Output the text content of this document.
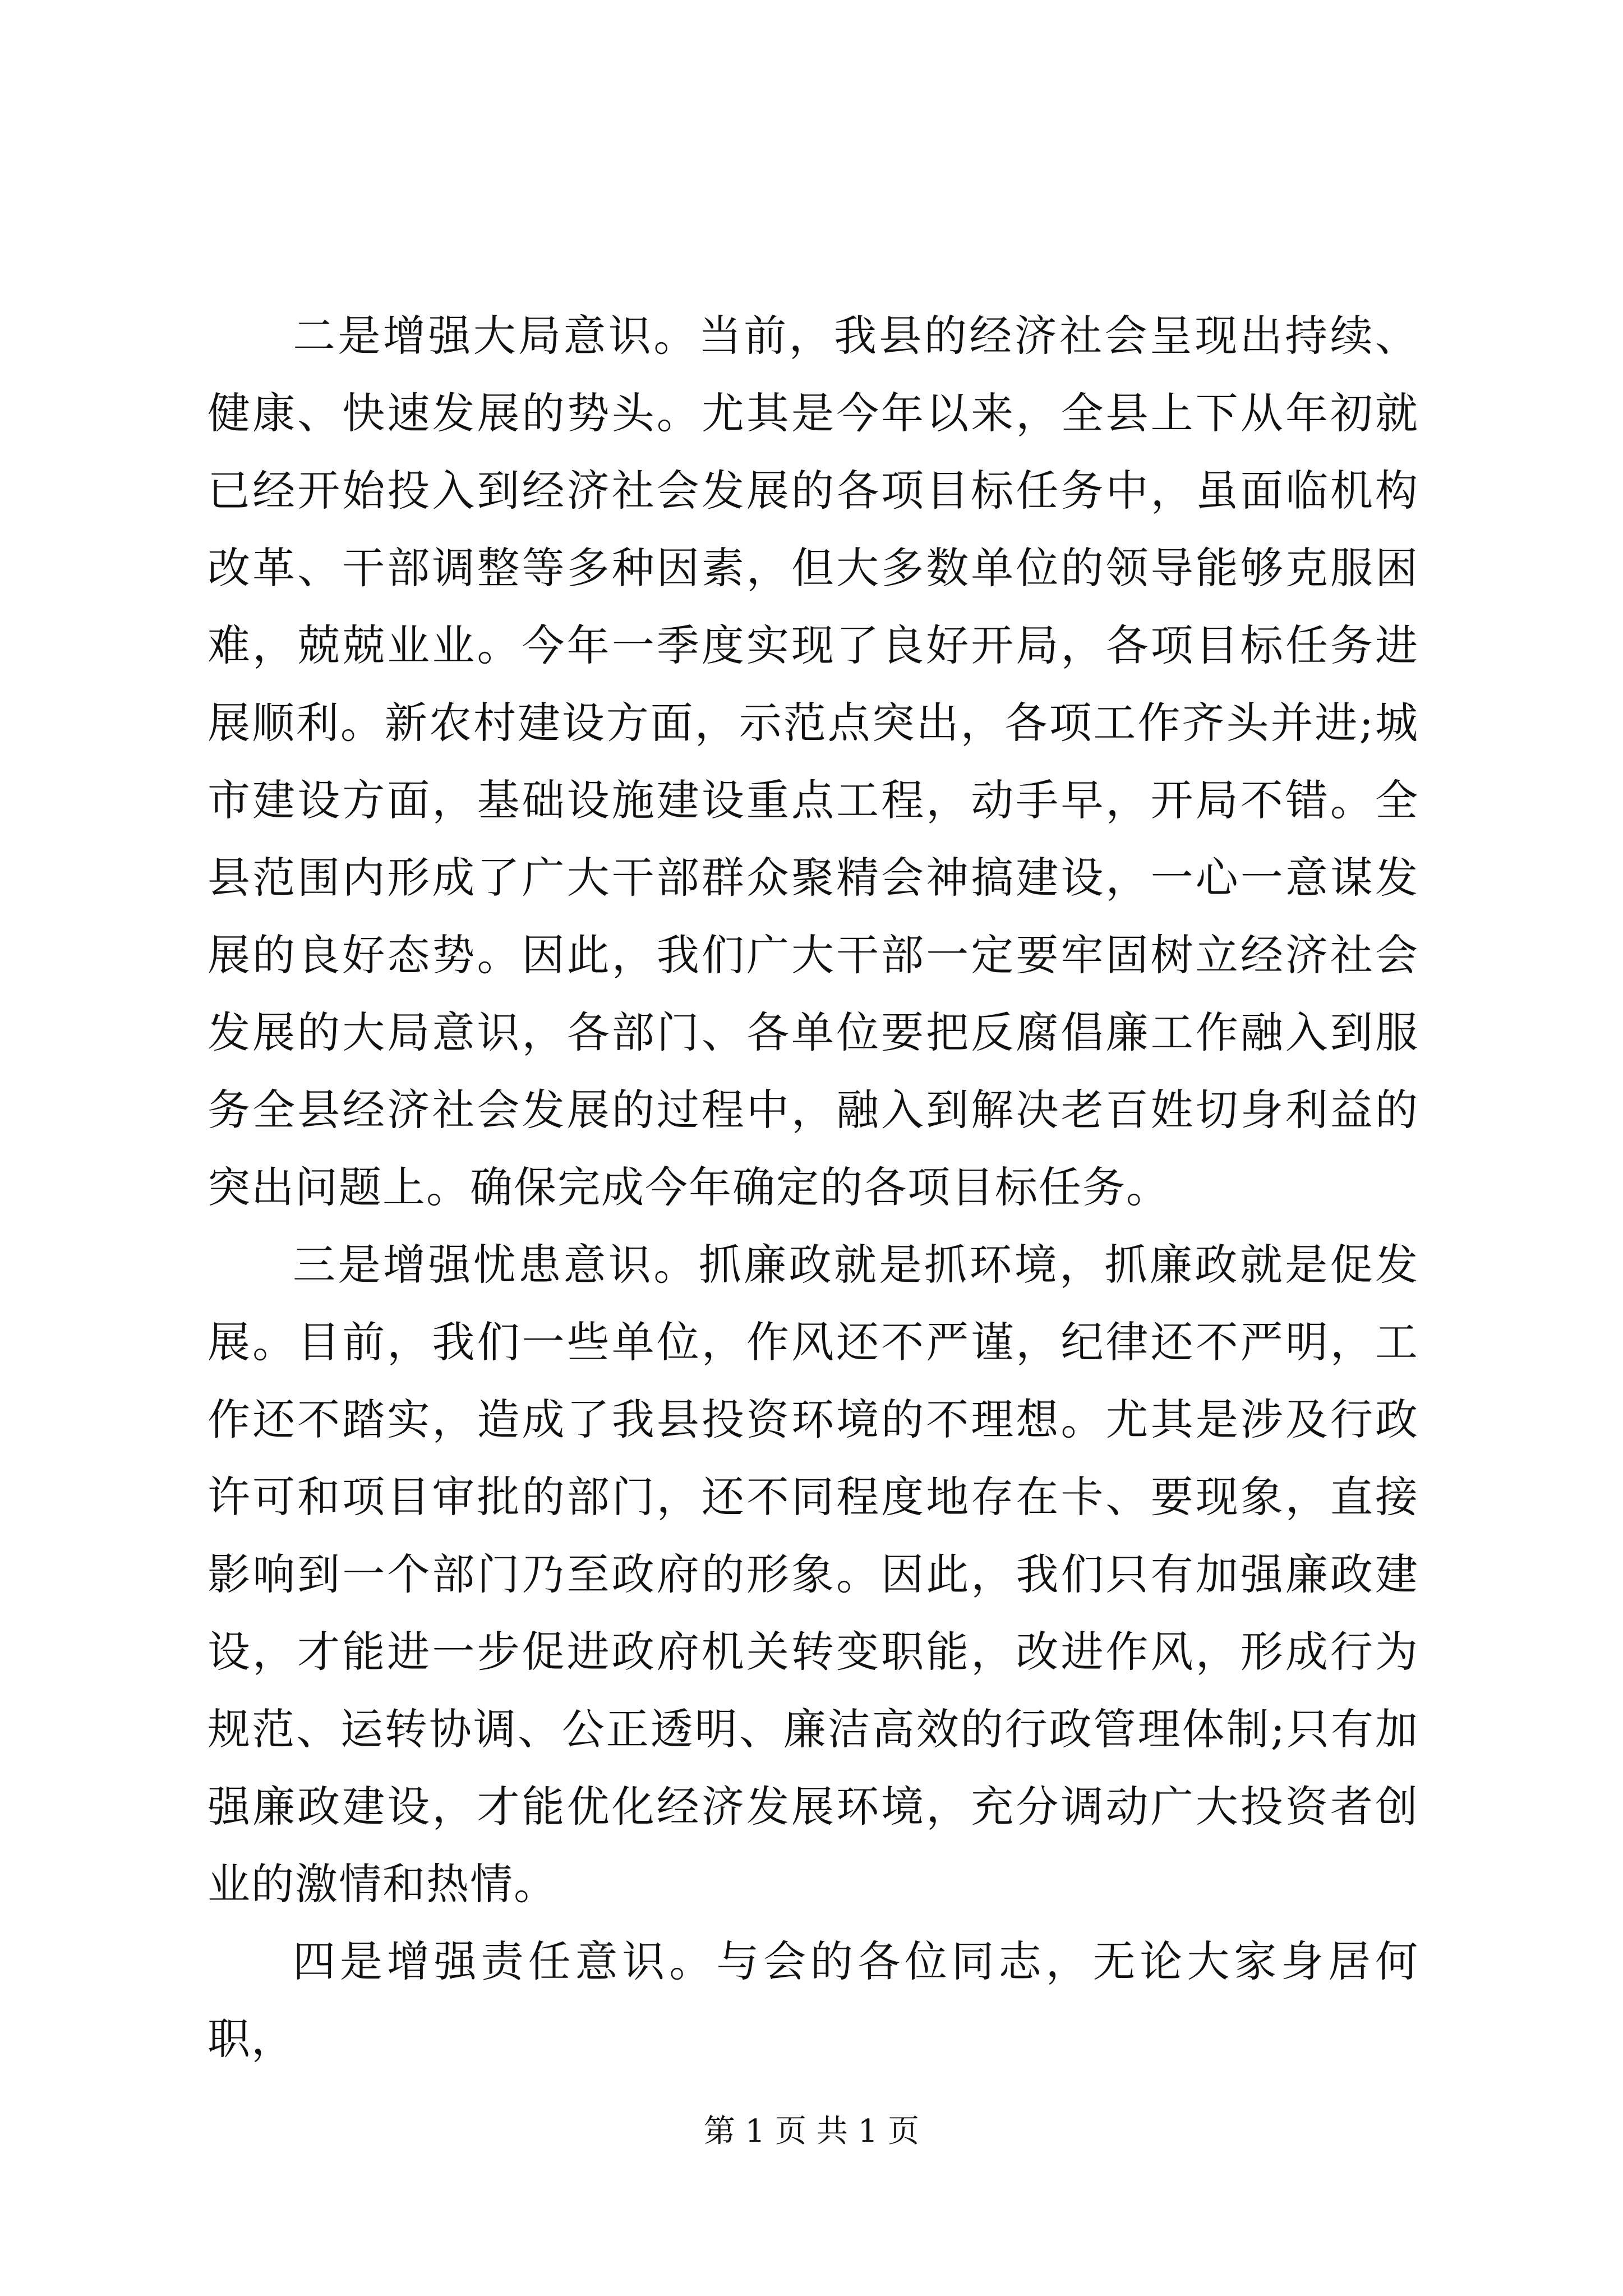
二是增强大局意识。当前，我县的经济社会呈现出持续、健康、快速发展的势头。尤其是今年以来，全县上下从年初就已经开始投入到经济社会发展的各项目标任务中，虽面临机构改革、干部调整等多种因素，但大多数单位的领导能够克服困难，兢兢业业。今年一季度实现了良好开局，各项目标任务进展顺利。新农村建设方面，示范点突出，各项工作齐头并进;城市建设方面，基础设施建设重点工程，动手早，开局不错。全县范围内形成了广大干部群众聚精会神搞建设，一心一意谋发展的良好态势。因此，我们广大干部一定要牢固树立经济社会发展的大局意识，各部门、各单位要把反腐倡廉工作融入到服务全县经济社会发展的过程中，融入到解决老百姓切身利益的突出问题上。确保完成今年确定的各项目标任务。

三是增强忧患意识。抓廉政就是抓环境，抓廉政就是促发展。目前，我们一些单位，作风还不严谨，纪律还不严明，工作还不踏实，造成了我县投资环境的不理想。尤其是涉及行政许可和项目审批的部门，还不同程度地存在卡、要现象，直接影响到一个部门乃至政府的形象。因此，我们只有加强廉政建设，才能进一步促进政府机关转变职能，改进作风，形成行为规范、运转协调、公正透明、廉洁高效的行政管理体制;只有加强廉政建设，才能优化经济发展环境，充分调动广大投资者创业的激情和热情。

四是增强责任意识。与会的各位同志，无论大家身居何职，

第 1 页 共 1 页
